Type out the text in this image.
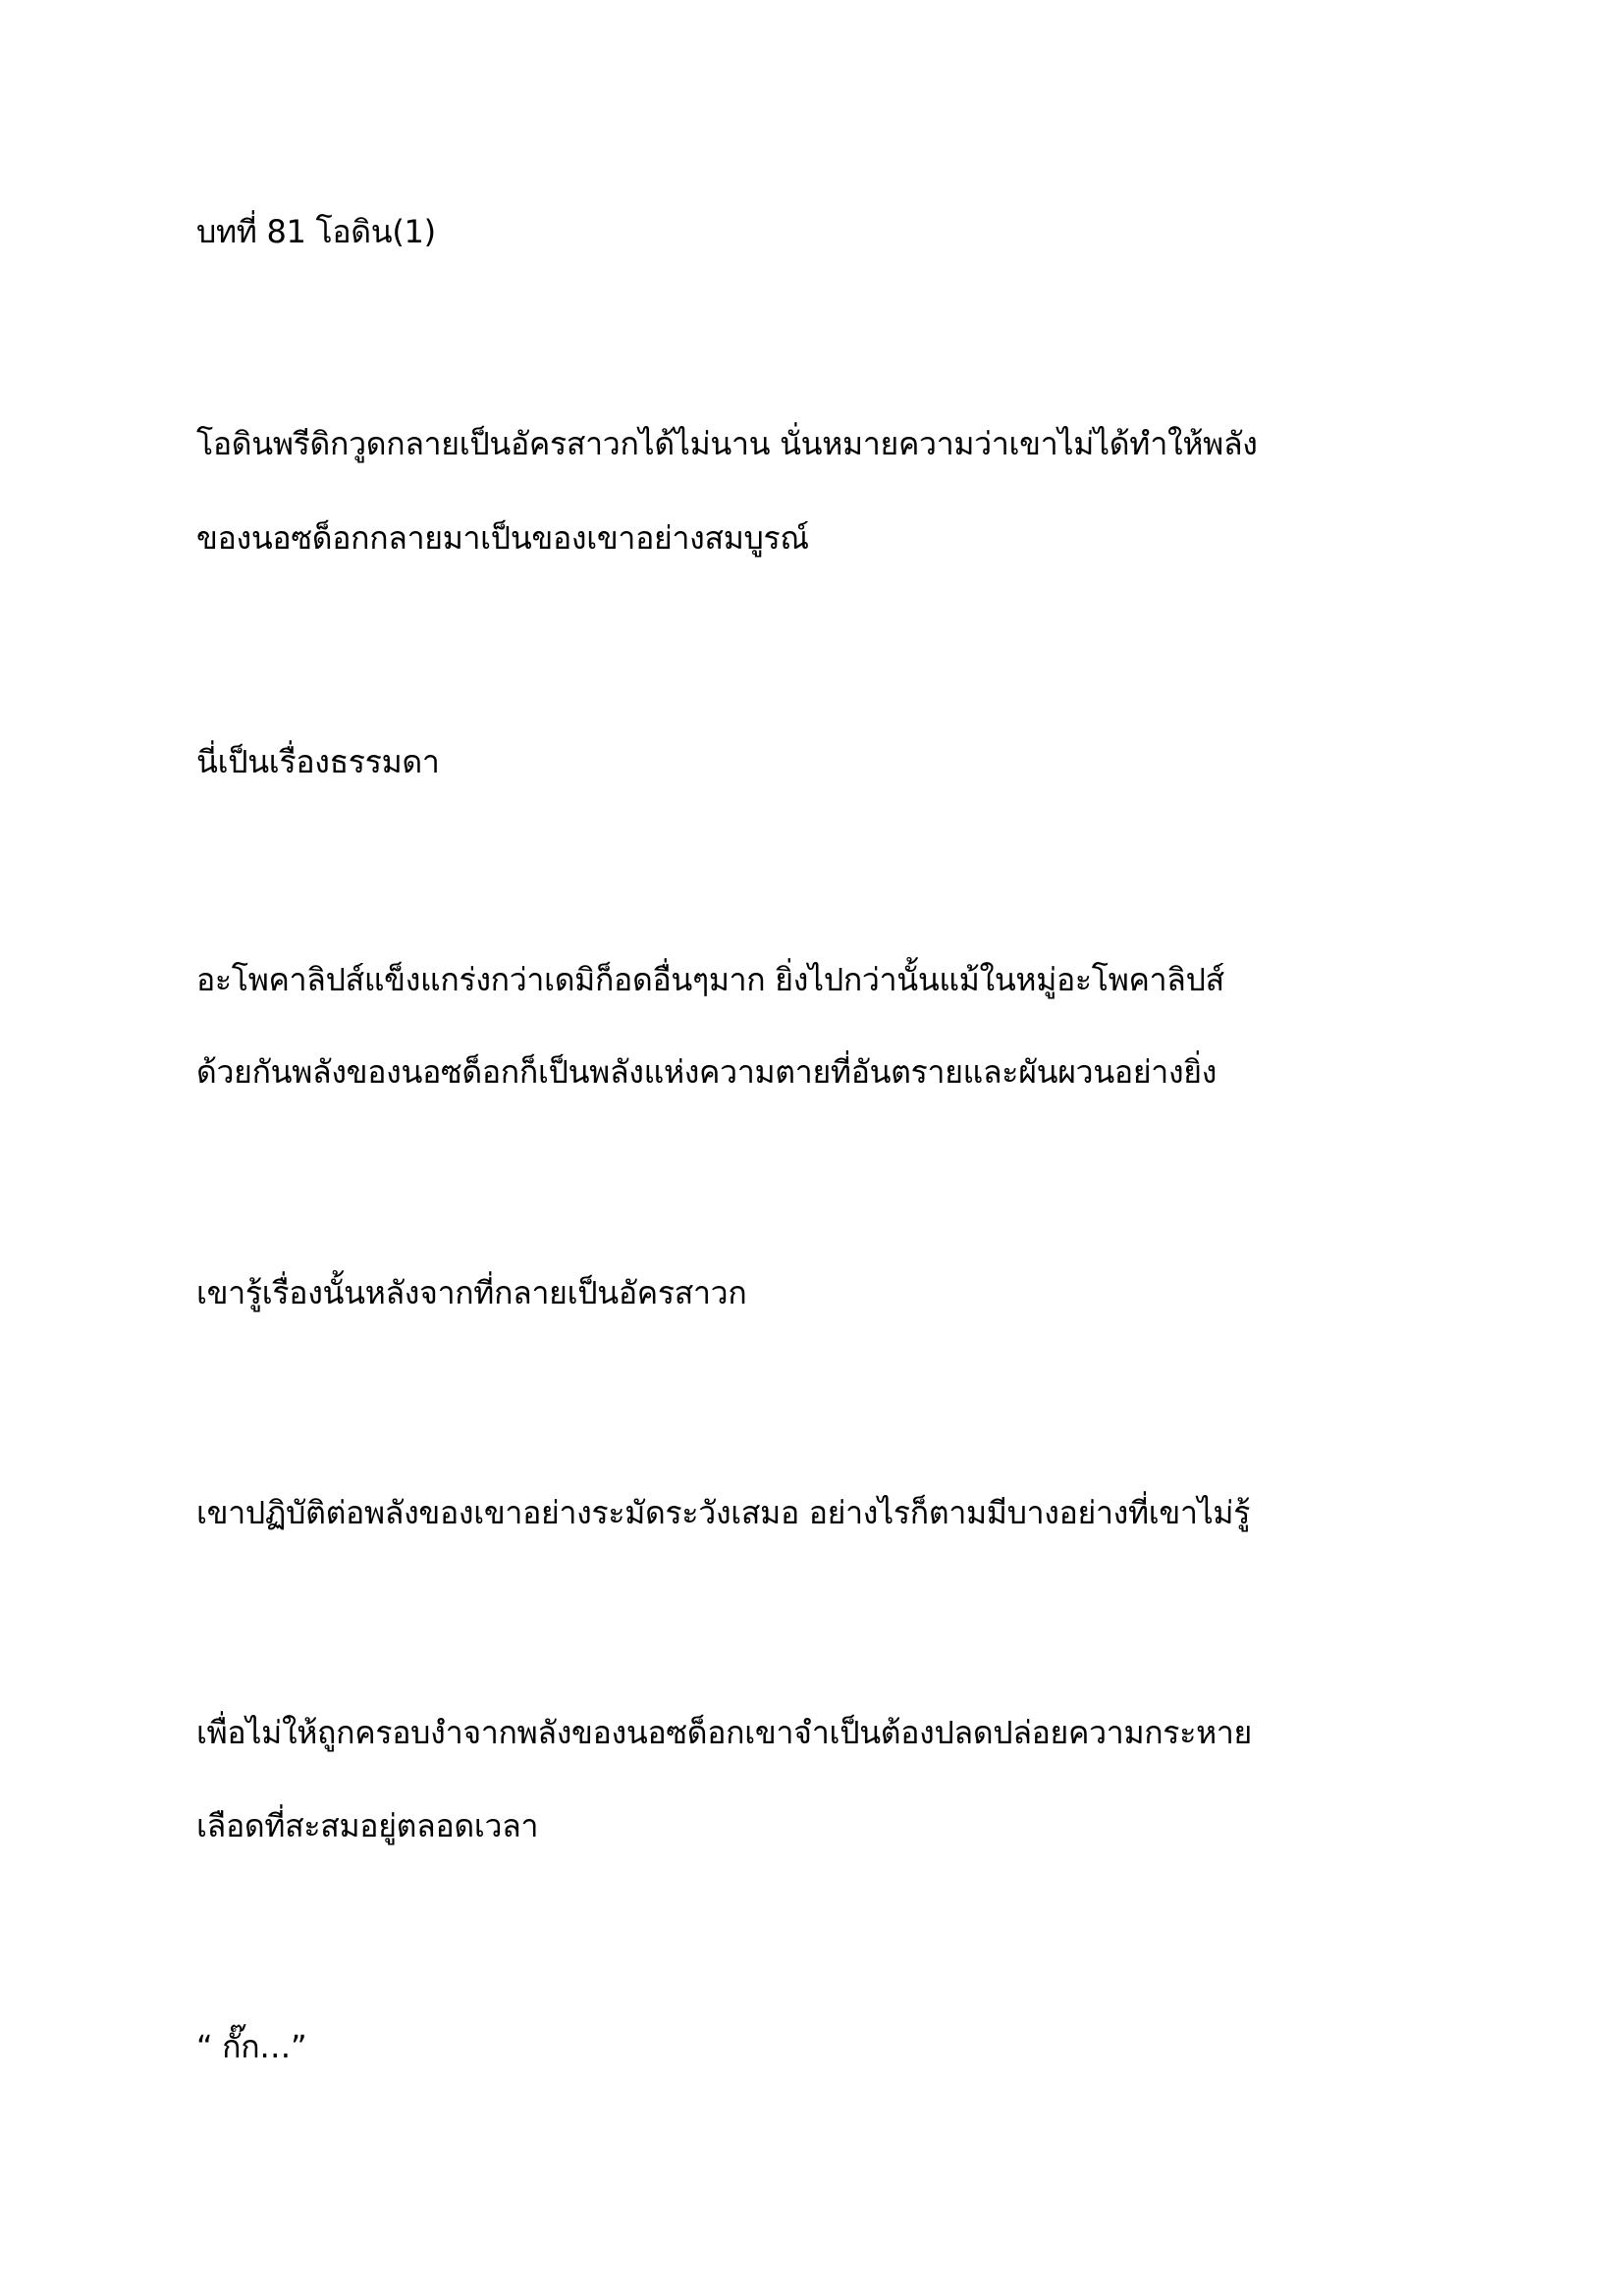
บทที่ 81 โอดิน(1)
โอดินพรีดิกวูดกลายเป็นอัครสาวกได้ไม่นาน นั่นหมายความว่าเขาไม่ได้ทำให้พลัง
ของนอซด็อกกลายมาเป็นของเขาอย่างสมบูรณ์
นี่เป็นเรื่องธรรมดา
อะโพคาลิปส์แข็งแกร่งกว่าเดมิก็อดอื่นๆมาก ยิ่งไปกว่านั้นแม้ในหมู่อะโพคาลิปส์
ด้วยกันพลังของนอซด็อกก็เป็นพลังแห่งความตายที่อันตรายและผันผวนอย่างยิ่ง
เขารู้เรื่องนั้นหลังจากที่กลายเป็นอัครสาวก
เขาปฏิบัติต่อพลังของเขาอย่างระมัดระวังเสมอ อย่างไรก็ตามมีบางอย่างที่เขาไม่รู้
เพื่อไม่ให้ถูกครอบงำจากพลังของนอซด็อกเขาจำเป็นต้องปลดปล่อยความกระหาย
เลือดที่สะสมอยู่ตลอดเวลา
“ กั๊ก…”
